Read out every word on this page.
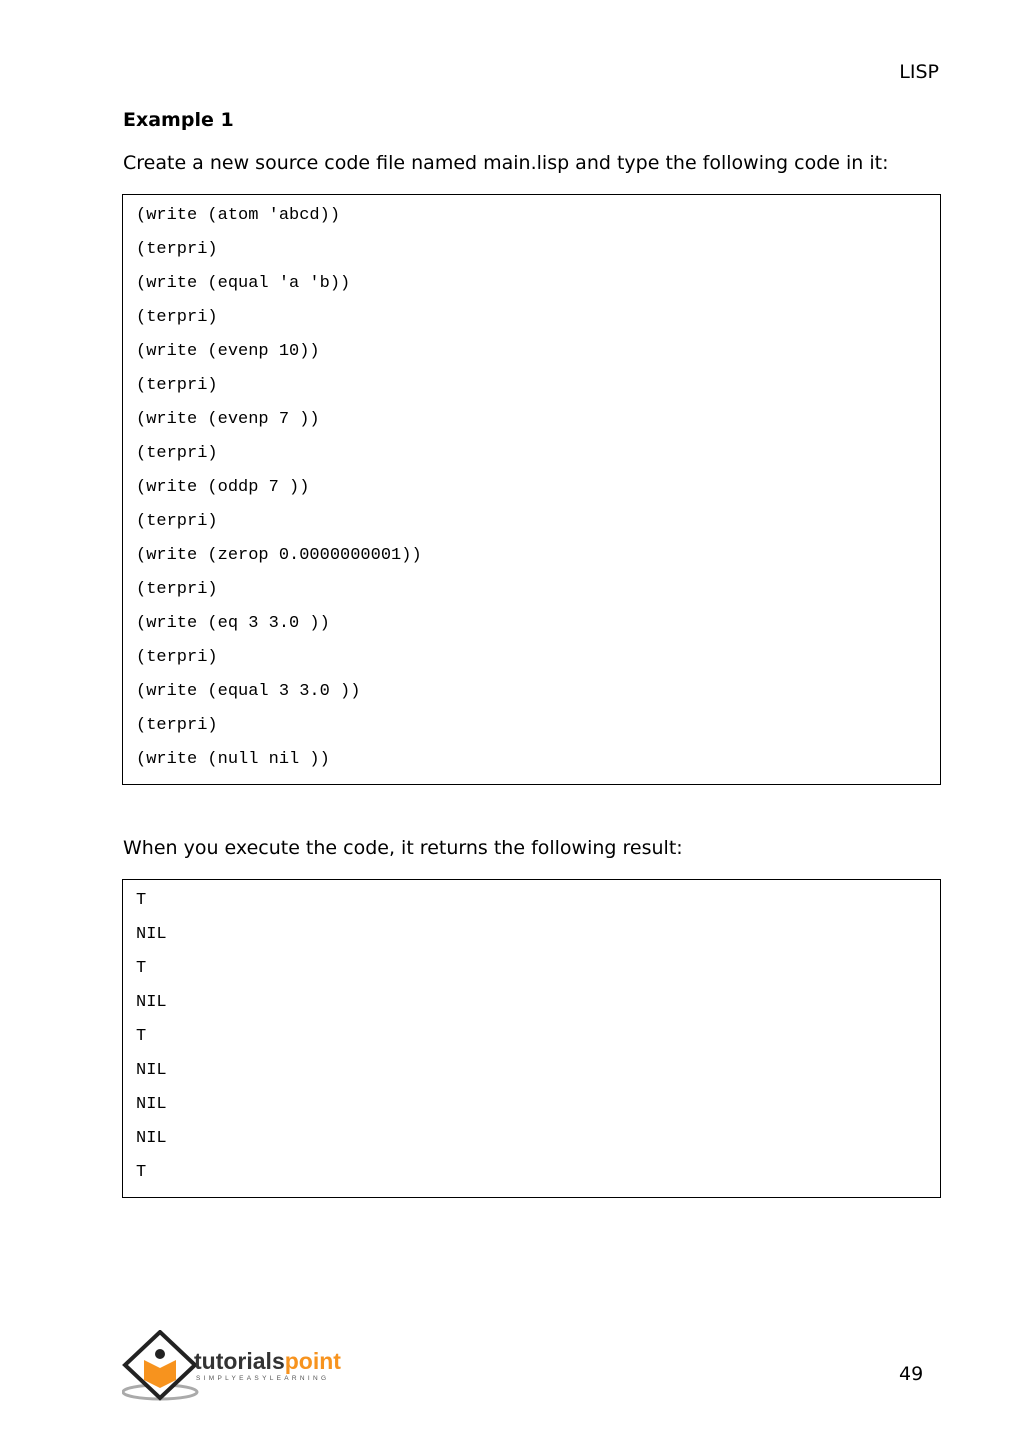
LISP
Example 1
Create a new source code file named main.lisp and type the following code in it:
(write (atom 'abcd))
(terpri)
(write (equal 'a 'b))
(terpri)
(write (evenp 10))
(terpri)
(write (evenp 7 ))
(terpri)
(write (oddp 7 ))
(terpri)
(write (zerop 0.0000000001))
(terpri)
(write (eq 3 3.0 ))
(terpri)
(write (equal 3 3.0 ))
(terpri)
(write (null nil ))
When you execute the code, it returns the following result:
T
NIL
T
NIL
T
NIL
NIL
NIL
T
tutorialspoint
SIMPLYEASYLEARNING	49
